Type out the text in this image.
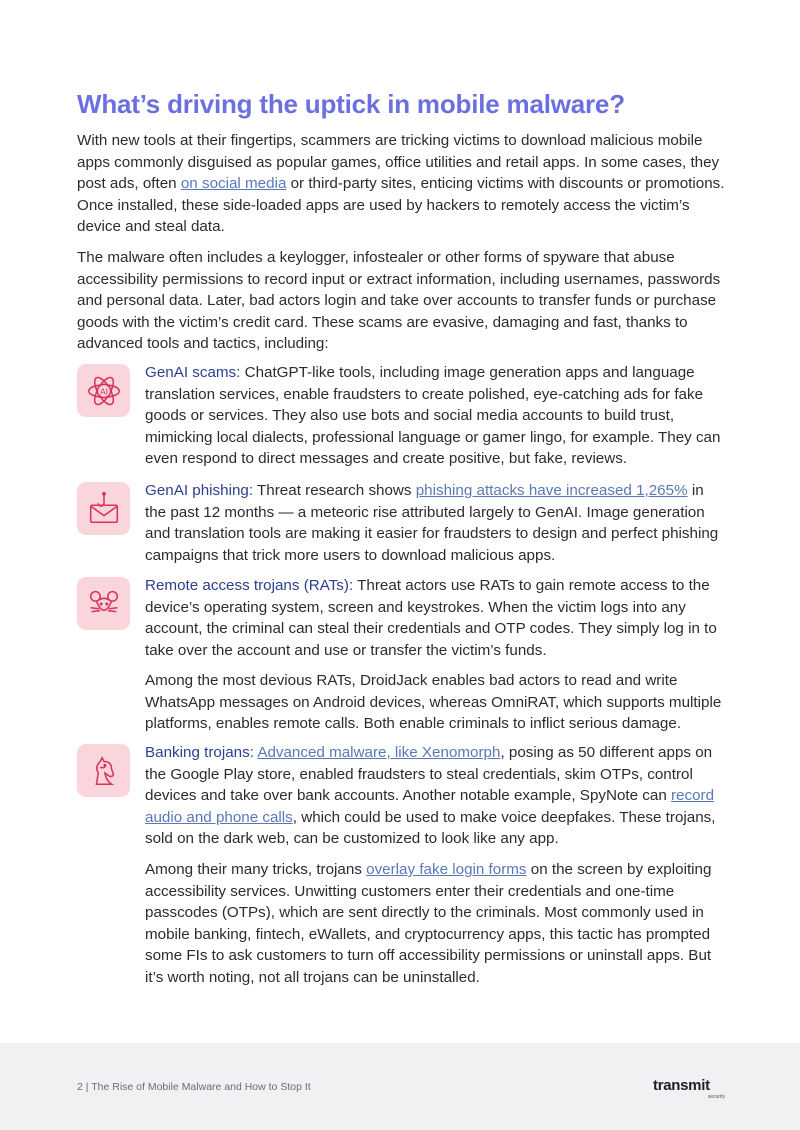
What’s driving the uptick in mobile malware?

With new tools at their fingertips, scammers are tricking victims to download malicious mobile apps commonly disguised as popular games, office utilities and retail apps. In some cases, they post ads, often on social media or third-party sites, enticing victims with discounts or promotions. Once installed, these side-loaded apps are used by hackers to remotely access the victim’s device and steal data.

The malware often includes a keylogger, infostealer or other forms of spyware that abuse accessibility permissions to record input or extract information, including usernames, passwords and personal data. Later, bad actors login and take over accounts to transfer funds or purchase goods with the victim’s credit card. These scams are evasive, damaging and fast, thanks to advanced tools and tactics, including:

AI

GenAI scams: ChatGPT-like tools, including image generation apps and language translation services, enable fraudsters to create polished, eye-catching ads for fake goods or services. They also use bots and social media accounts to build trust, mimicking local dialects, professional language or gamer lingo, for example. They can even respond to direct messages and create positive, but fake, reviews.

GenAI phishing: Threat research shows phishing attacks have increased 1,265% in the past 12 months — a meteoric rise attributed largely to GenAI. Image generation and translation tools are making it easier for fraudsters to design and perfect phishing campaigns that trick more users to download malicious apps.

Remote access trojans (RATs): Threat actors use RATs to gain remote access to the device’s operating system, screen and keystrokes. When the victim logs into any account, the criminal can steal their credentials and OTP codes. They simply log in to take over the account and use or transfer the victim’s funds.

Among the most devious RATs, DroidJack enables bad actors to read and write WhatsApp messages on Android devices, whereas OmniRAT, which supports multiple platforms, enables remote calls. Both enable criminals to inflict serious damage.

Banking trojans: Advanced malware, like Xenomorph, posing as 50 different apps on the Google Play store, enabled fraudsters to steal credentials, skim OTPs, control devices and take over bank accounts. Another notable example, SpyNote can record audio and phone calls, which could be used to make voice deepfakes. These trojans, sold on the dark web, can be customized to look like any app.

Among their many tricks, trojans overlay fake login forms on the screen by exploiting accessibility services. Unwitting customers enter their credentials and one-time passcodes (OTPs), which are sent directly to the criminals. Most commonly used in mobile banking, fintech, eWallets, and cryptocurrency apps, this tactic has prompted some FIs to ask customers to turn off accessibility permissions or uninstall apps. But it’s worth noting, not all trojans can be uninstalled.

2 | The Rise of Mobile Malware and How to Stop It	transmit
security
